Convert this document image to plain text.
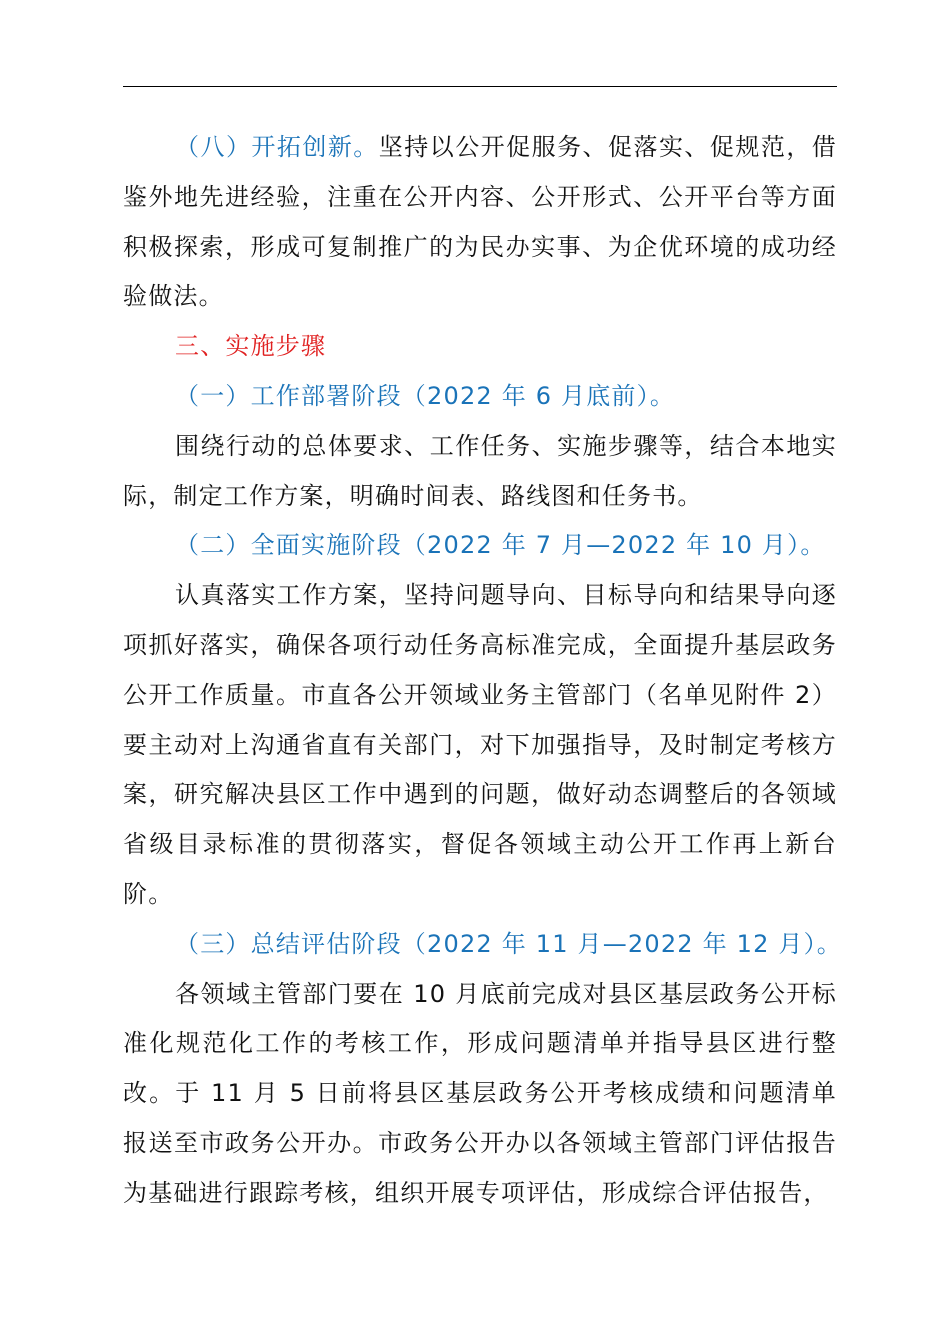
（八）开拓创新。坚持以公开促服务、促落实、促规范，借鉴外地先进经验，注重在公开内容、公开形式、公开平台等方面积极探索，形成可复制推广的为民办实事、为企优环境的成功经验做法。

三、实施步骤

（一）工作部署阶段（2022 年 6 月底前）。

围绕行动的总体要求、工作任务、实施步骤等，结合本地实际，制定工作方案，明确时间表、路线图和任务书。

（二）全面实施阶段（2022 年 7 月—2022 年 10 月）。

认真落实工作方案，坚持问题导向、目标导向和结果导向逐项抓好落实，确保各项行动任务高标准完成，全面提升基层政务公开工作质量。市直各公开领域业务主管部门（名单见附件 2）要主动对上沟通省直有关部门，对下加强指导，及时制定考核方案，研究解决县区工作中遇到的问题，做好动态调整后的各领域省级目录标准的贯彻落实，督促各领域主动公开工作再上新台阶。

（三）总结评估阶段（2022 年 11 月—2022 年 12 月）。

各领域主管部门要在 10 月底前完成对县区基层政务公开标准化规范化工作的考核工作，形成问题清单并指导县区进行整改。于 11 月 5 日前将县区基层政务公开考核成绩和问题清单报送至市政务公开办。市政务公开办以各领域主管部门评估报告为基础进行跟踪考核，组织开展专项评估，形成综合评估报告，
